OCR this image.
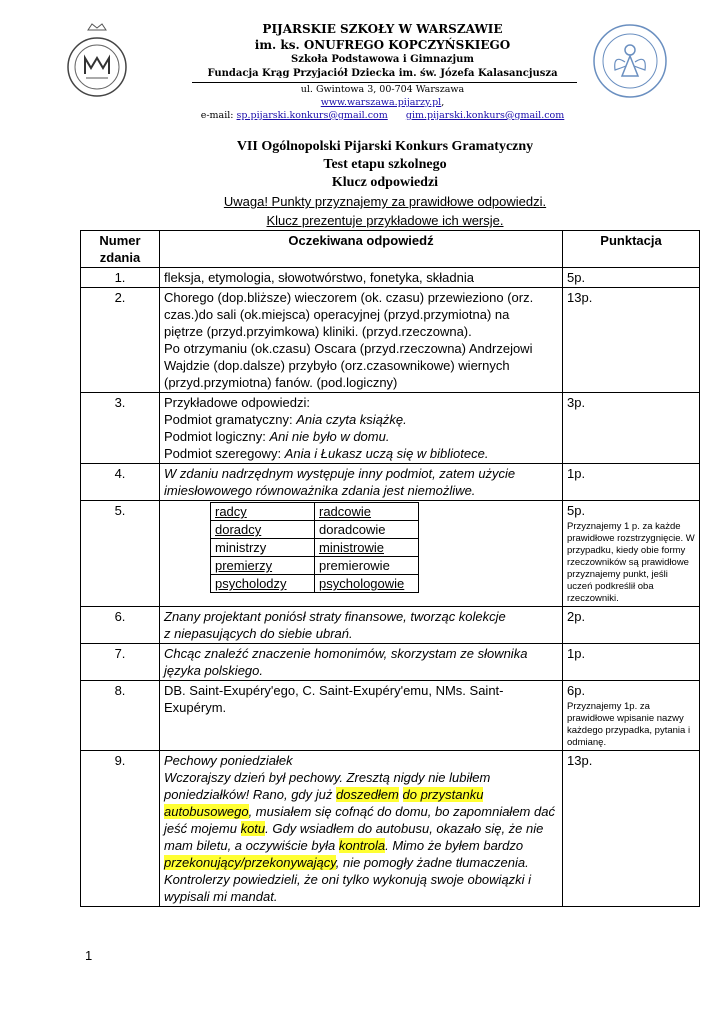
PIJARSKIE SZKOŁY W WARSZAWIE
im. ks. ONUFREGO KOPCZYŃSKIEGO
Szkoła Podstawowa i Gimnazjum
Fundacja Krąg Przyjaciół Dziecka im. św. Józefa Kalasancjusza
ul. Gwintowa 3, 00-704 Warszawa
www.warszawa.pijarzy.pl,
e-mail: sp.pijarski.konkurs@gmail.com gim.pijarski.konkurs@gmail.com
VII Ogólnopolski Pijarski Konkurs Gramatyczny
Test etapu szkolnego
Klucz odpowiedzi
Uwaga! Punkty przyznajemy za prawidłowe odpowiedzi.
Klucz prezentuje przykładowe ich wersje.
Numer zdania	Oczekiwana odpowiedź	Punktacja
1.	fleksja, etymologia, słowotwórstwo, fonetyka, składnia	5p.
2.	Chorego (dop.bliższe) wieczorem (ok. czasu) przewieziono (orz.
czas.)do sali (ok.miejsca) operacyjnej (przyd.przymiotna) na
piętrze (przyd.przyimkowa) kliniki. (przyd.rzeczowna).
Po otrzymaniu (ok.czasu) Oscara (przyd.rzeczowna) Andrzejowi
Wajdzie (dop.dalsze) przybyło (orz.czasownikowe) wiernych
(przyd.przymiotna) fanów. (pod.logiczny)
	13p.
3.	Przykładowe odpowiedzi:
Podmiot gramatyczny: Ania czyta książkę.
Podmiot logiczny: Ani nie było w domu.
Podmiot szeregowy: Ania i Łukasz uczą się w bibliotece.
	3p.
4.	W zdaniu nadrzędnym występuje inny podmiot, zatem użycie
imiesłowowego równoważnika zdania jest niemożliwe.
	1p.
5.		radcy	radcowie
doradcy	doradcowie
ministrzy	ministrowie
premierzy	premierowie
psycholodzy	psychologowie

5p.
Przyznajemy 1 p. za każde prawidłowe rozstrzygnięcie. W przypadku, kiedy obie formy rzeczowników są prawidłowe przyznajemy punkt, jeśli uczeń podkreślił oba rzeczowniki.

6.	Znany projektant poniósł straty finansowe, tworząc kolekcje
z niepasujących do siebie ubrań.
	2p.
7.	Chcąc znaleźć znaczenie homonimów, skorzystam ze słownika
języka polskiego.
	1p.
8.	DB. Saint-Exupéry'ego, C. Saint-Exupéry'emu, NMs. Saint-
Exupérym.

6p.
Przyznajemy 1p. za prawidłowe wpisanie nazwy każdego przypadka, pytania i odmianę.

9.	Pechowy poniedziałek
Wczorajszy dzień był pechowy. Zresztą nigdy nie lubiłem poniedziałków! Rano, gdy już doszedłem do przystanku autobusowego, musiałem się cofnąć do domu, bo zapomniałem dać jeść mojemu kotu. Gdy wsiadłem do autobusu, okazało się, że nie mam biletu, a oczywiście była kontrola. Mimo że byłem bardzo przekonujący/przekonywający, nie pomogły żadne tłumaczenia. Kontrolerzy powiedzieli, że oni tylko wykonują swoje obowiązki i wypisali mi mandat.
	13p.
1
